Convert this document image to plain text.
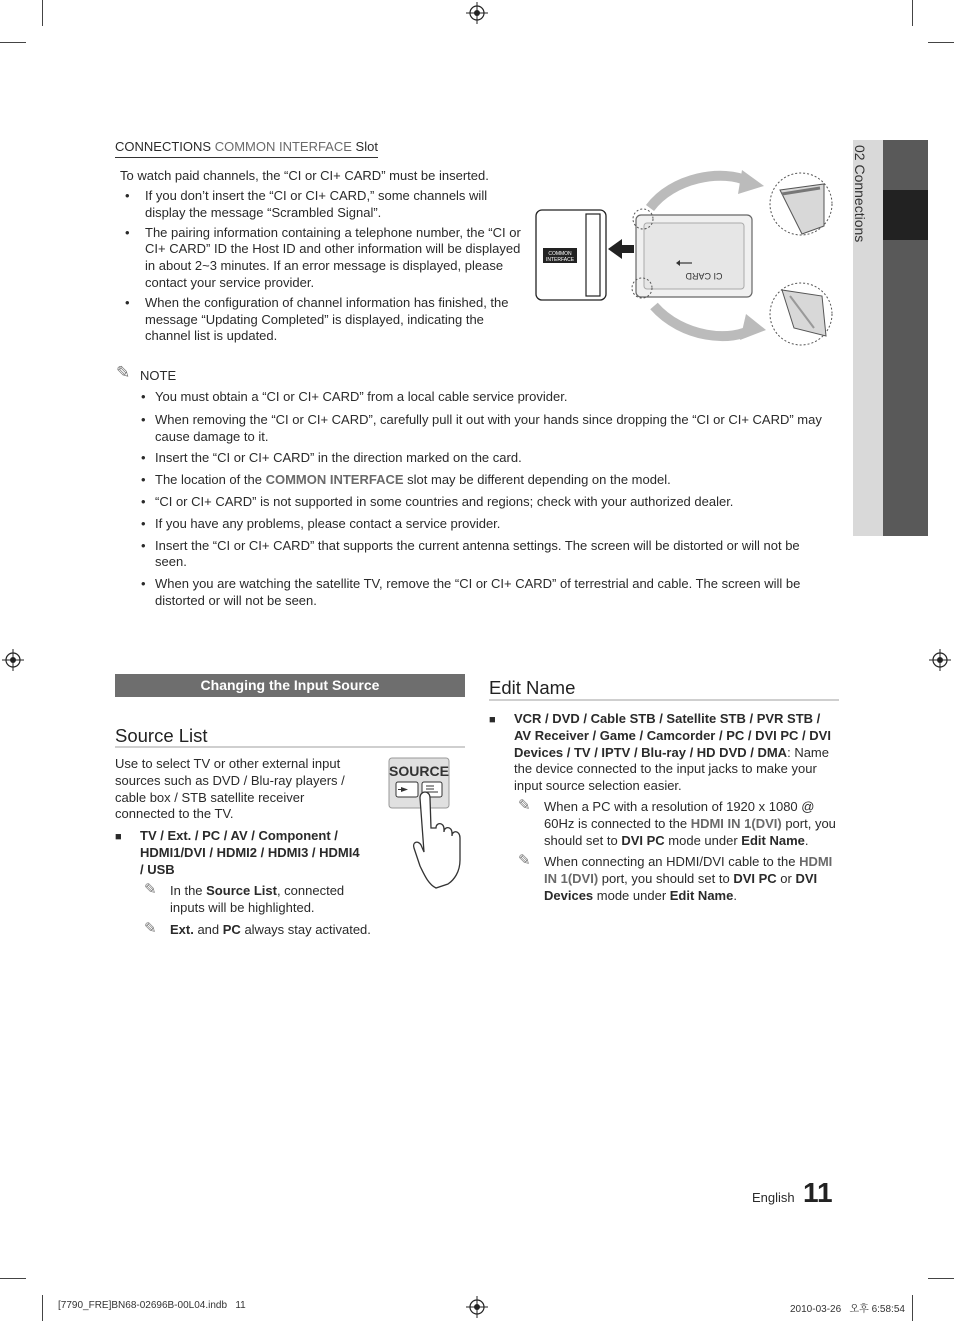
02 Connections
CONNECTIONS COMMON INTERFACE Slot
To watch paid channels, the “CI or CI+ CARD” must be inserted.
• If you don’t insert the “CI or CI+ CARD,” some channels will display the message “Scrambled Signal”.
• The pairing information containing a telephone number, the “CI or CI+ CARD” ID the Host ID and other information will be displayed in about 2~3 minutes. If an error message is displayed, please contact your service provider.
• When the configuration of channel information has finished, the message “Updating Completed” is displayed, indicating the channel list is updated.
COMMON
INTERFACE
CI CARD
✎ NOTE
• You must obtain a “CI or CI+ CARD” from a local cable service provider.
• When removing the “CI or CI+ CARD”, carefully pull it out with your hands since dropping the “CI or CI+ CARD” may cause damage to it.
• Insert the “CI or CI+ CARD” in the direction marked on the card.
• The location of the COMMON INTERFACE slot may be different depending on the model.
• “CI or CI+ CARD” is not supported in some countries and regions; check with your authorized dealer.
• If you have any problems, please contact a service provider.
• Insert the “CI or CI+ CARD” that supports the current antenna settings. The screen will be distorted or will not be seen.
• When you are watching the satellite TV, remove the “CI or CI+ CARD” of terrestrial and cable. The screen will be distorted or will not be seen.
Changing the Input Source
Source List
Use to select TV or other external input sources such as DVD / Blu-ray players / cable box / STB satellite receiver connected to the TV.
■ TV / Ext. / PC / AV / Component / HDMI1/DVI / HDMI2 / HDMI3 / HDMI4 / USB
✎ In the Source List, connected inputs will be highlighted.
✎ Ext. and PC always stay activated.
SOURCE
Edit Name
■ VCR / DVD / Cable STB / Satellite STB / PVR STB / AV Receiver / Game / Camcorder / PC / DVI PC / DVI Devices / TV / IPTV / Blu-ray / HD DVD / DMA: Name the device connected to the input jacks to make your input source selection easier.
✎ When a PC with a resolution of 1920 x 1080 @ 60Hz is connected to the HDMI IN 1(DVI) port, you should set to DVI PC mode under Edit Name.
✎ When connecting an HDMI/DVI cable to the HDMI IN 1(DVI) port, you should set to DVI PC or DVI Devices mode under Edit Name.
English 11
[7790_FRE]BN68-02696B-00L04.indb   11	2010-03-26   오후 6:58:54
